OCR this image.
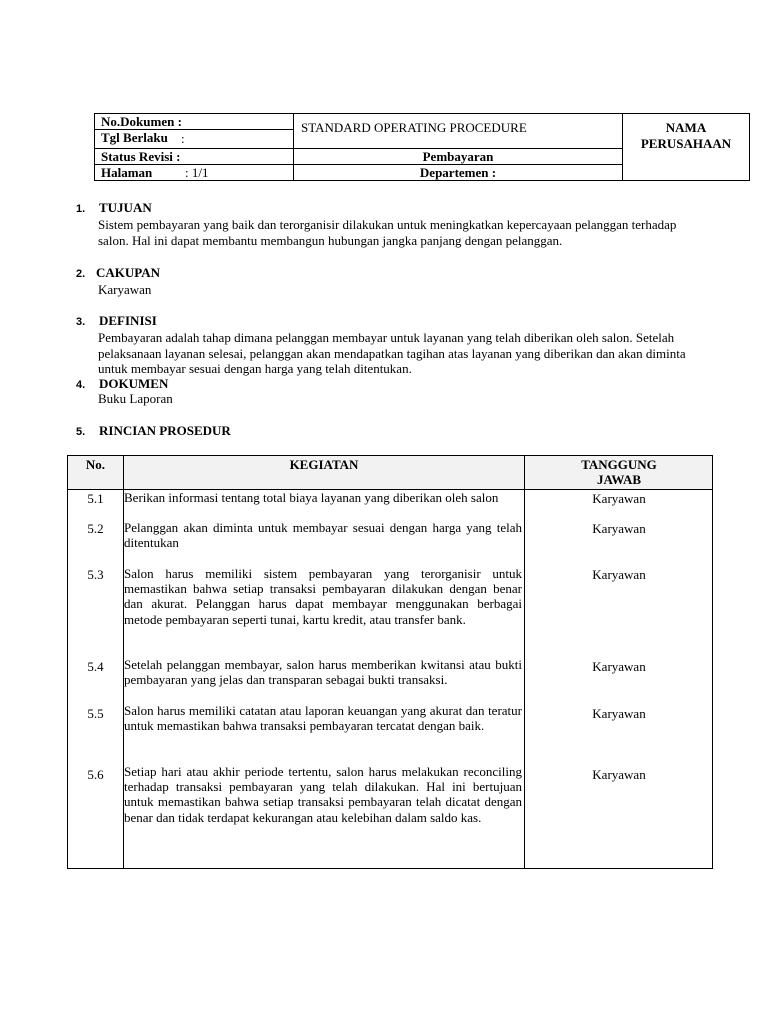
No.Dokumen :
Tgl Berlaku :
Status Revisi :
Halaman	: 1/1
STANDARD OPERATING PROCEDURE
Pembayaran
Departemen :
NAMA
PERUSAHAAN
1. TUJUAN
Sistem pembayaran yang baik dan terorganisir dilakukan untuk meningkatkan kepercayaan pelanggan terhadap
salon. Hal ini dapat membantu membangun hubungan jangka panjang dengan pelanggan.
2. CAKUPAN
Karyawan
3. DEFINISI
Pembayaran adalah tahap dimana pelanggan membayar untuk layanan yang telah diberikan oleh salon. Setelah
pelaksanaan layanan selesai, pelanggan akan mendapatkan tagihan atas layanan yang diberikan dan akan diminta
untuk membayar sesuai dengan harga yang telah ditentukan.
4. DOKUMEN
Buku Laporan
5. RINCIAN PROSEDUR
No.	KEGIATAN	TANGGUNG
JAWAB
5.1	Berikan informasi tentang total biaya layanan yang diberikan oleh salon	Karyawan
5.2	Pelanggan akan diminta untuk membayar sesuai dengan harga yang telah ditentukan
Karyawan
5.3	Salon harus memiliki sistem pembayaran yang terorganisir untuk memastikan bahwa setiap transaksi pembayaran dilakukan dengan benar dan akurat. Pelanggan harus dapat membayar menggunakan berbagai metode pembayaran seperti tunai, kartu kredit, atau transfer bank.
Karyawan
5.4	Setelah pelanggan membayar, salon harus memberikan kwitansi atau bukti pembayaran yang jelas dan transparan sebagai bukti transaksi.
Karyawan
5.5	Salon harus memiliki catatan atau laporan keuangan yang akurat dan teratur untuk memastikan bahwa transaksi pembayaran tercatat dengan baik.
Karyawan
5.6	Setiap hari atau akhir periode tertentu, salon harus melakukan reconciling terhadap transaksi pembayaran yang telah dilakukan. Hal ini bertujuan untuk memastikan bahwa setiap transaksi pembayaran telah dicatat dengan benar dan tidak terdapat kekurangan atau kelebihan dalam saldo kas.
Karyawan
